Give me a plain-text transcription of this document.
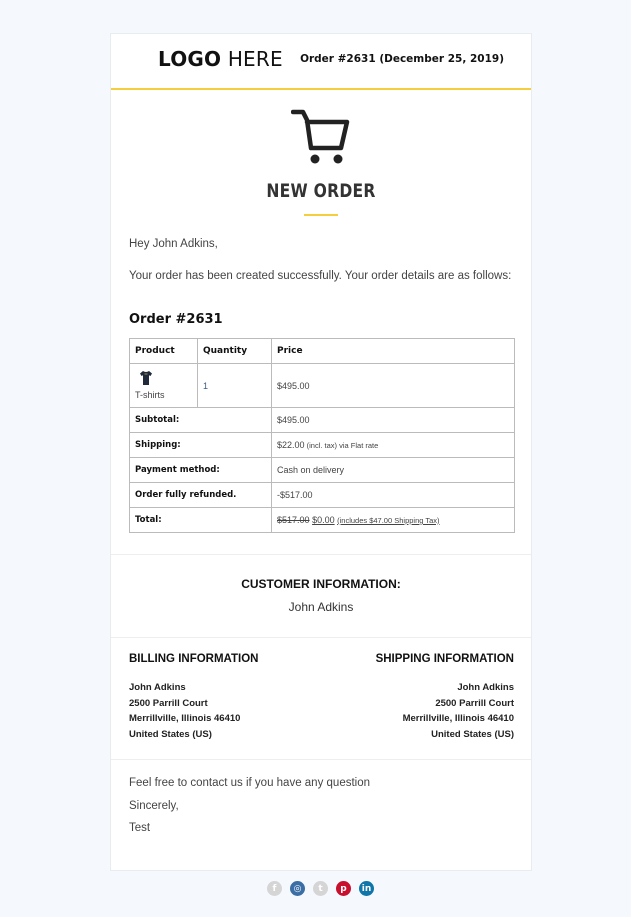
LOGO HERE Order #2631 (December 25, 2019)
NEW ORDER
Hey John Adkins,
Your order has been created successfully. Your order details are as follows:
Order #2631
Product	Quantity	Price

T-shirts	1	$495.00
Subtotal:		$495.00
Shipping:		$22.00 (incl. tax) via Flat rate
Payment method:		Cash on delivery
Order fully refunded.		-$517.00
Total:		$517.00 $0.00 (includes $47.00 Shipping Tax)
CUSTOMER INFORMATION:
John Adkins
BILLING INFORMATION
John Adkins
2500 Parrill Court
Merrillville, Illinois 46410
United States (US)
SHIPPING INFORMATION
John Adkins
2500 Parrill Court
Merrillville, Illinois 46410
United States (US)
Feel free to contact us if you have any question
Sincerely,
Test
f	◎	t	p	in
